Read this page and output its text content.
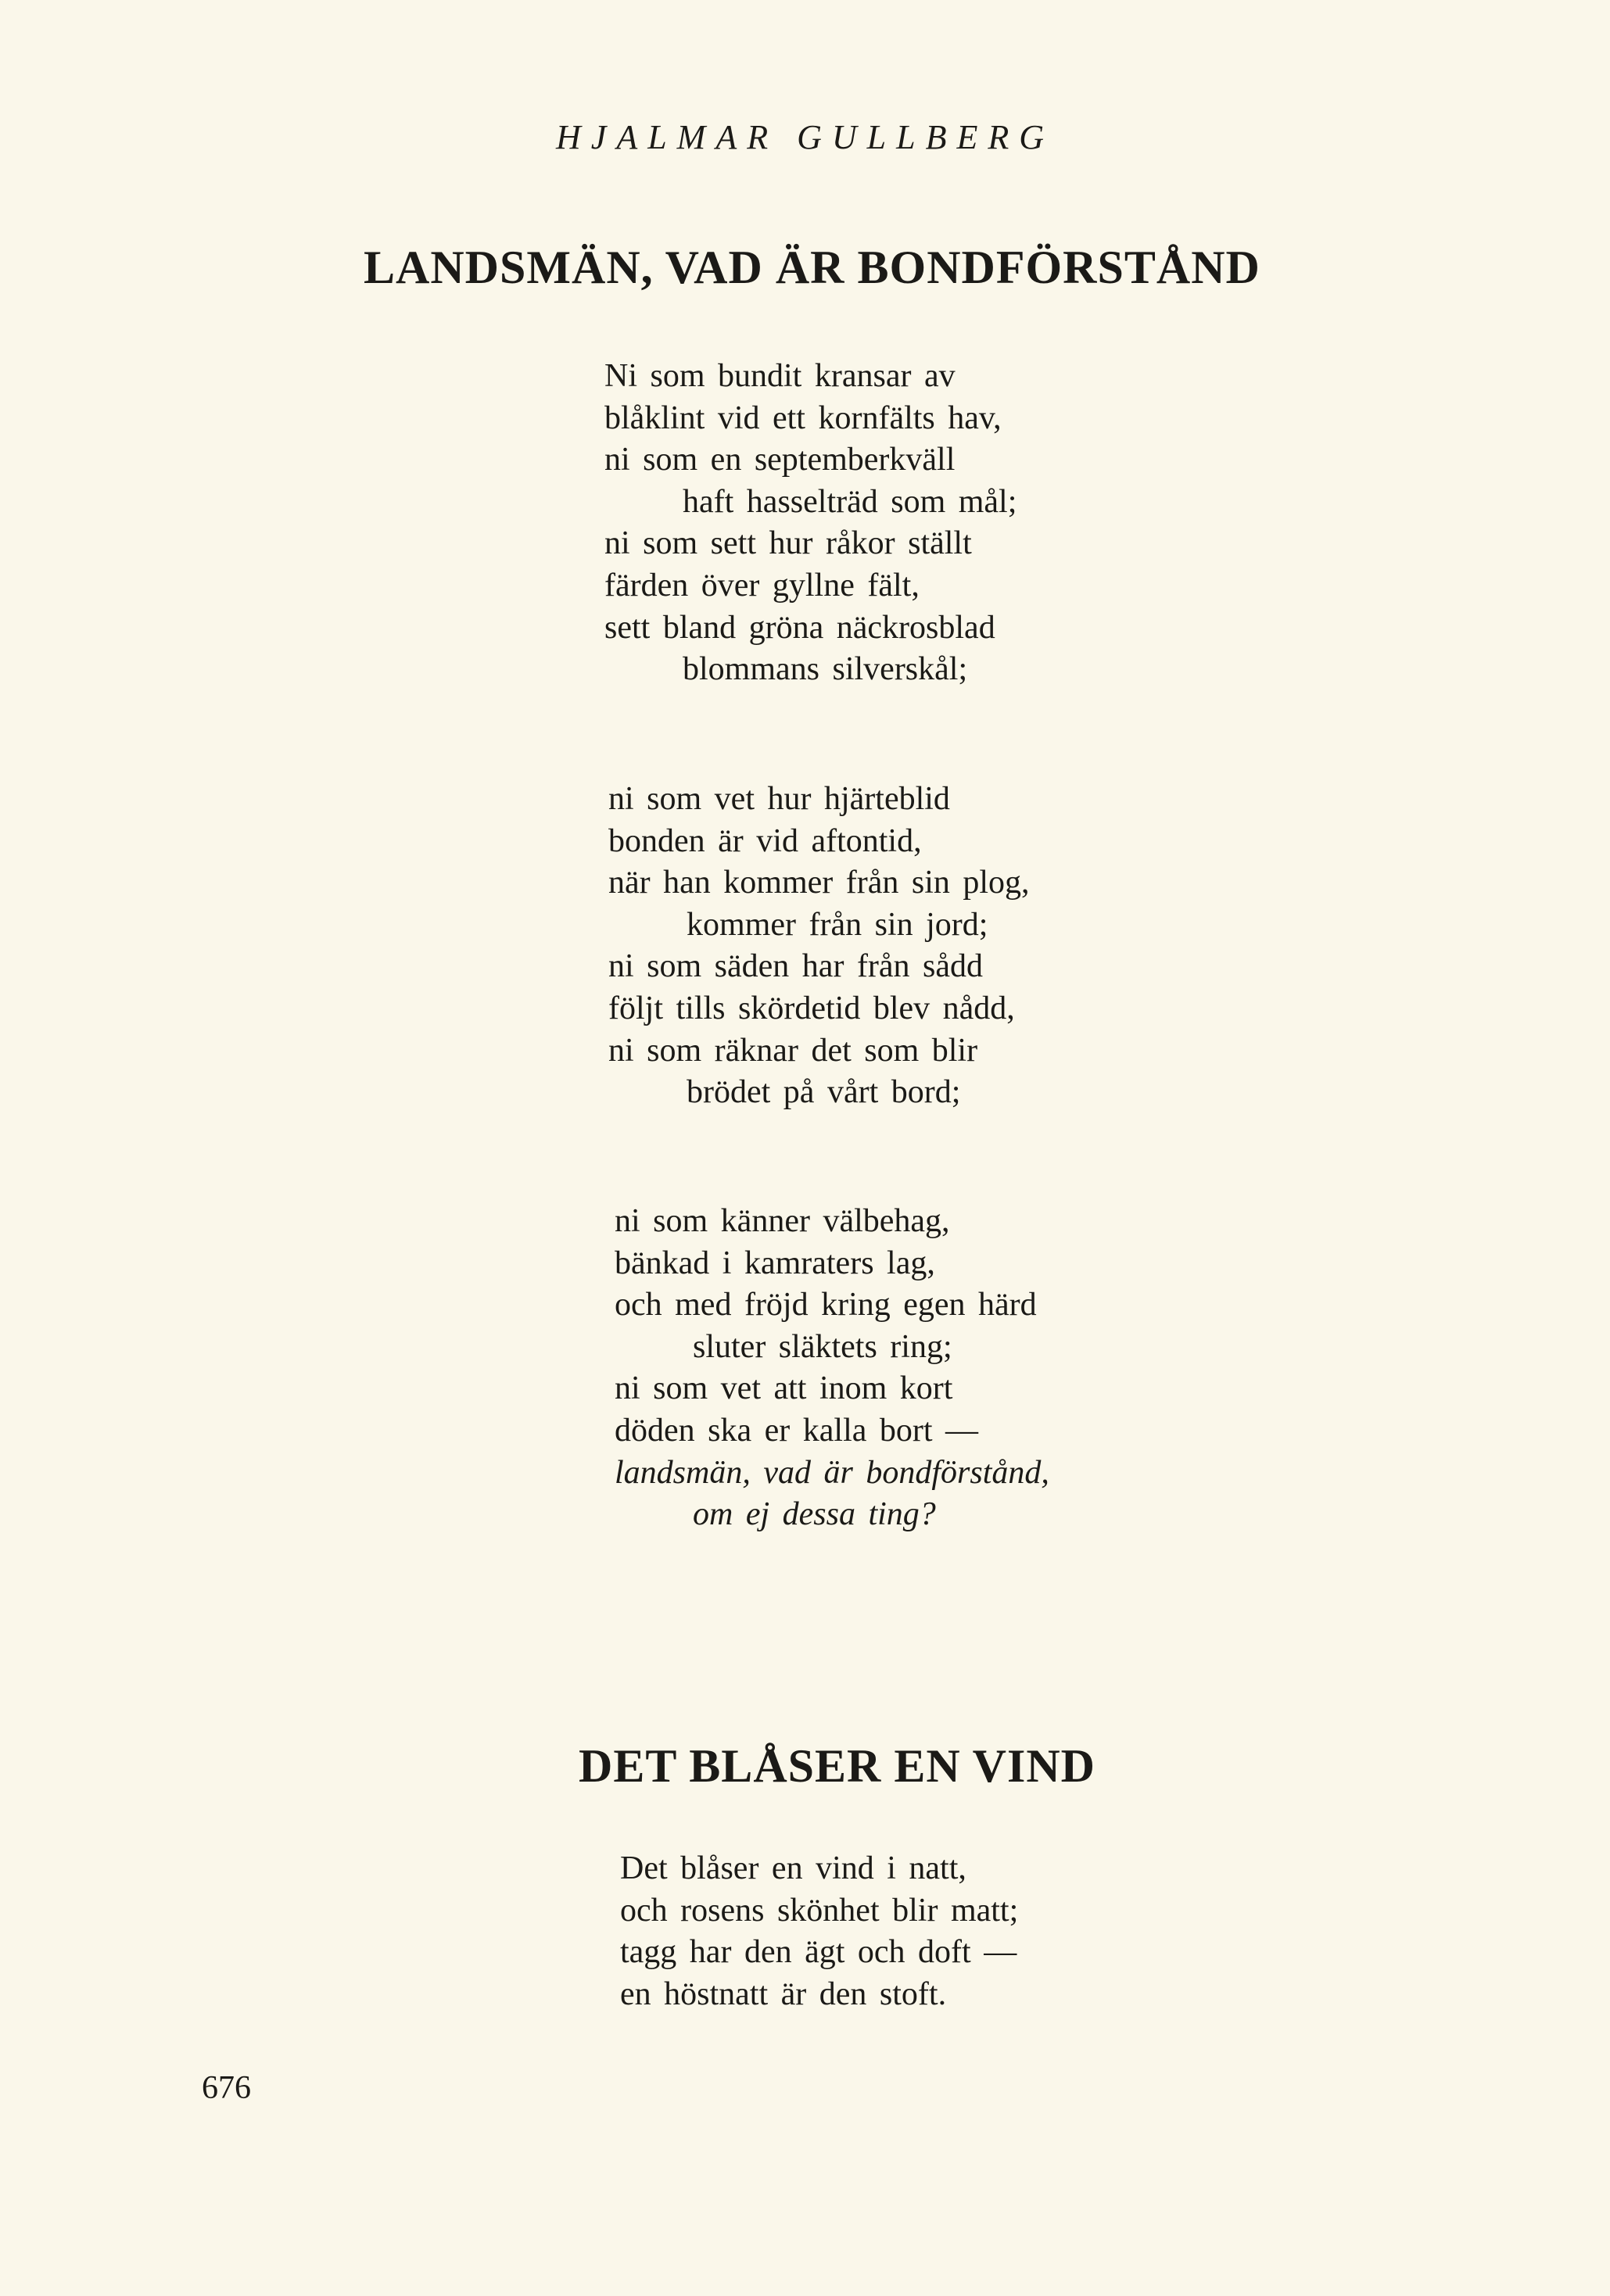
HJALMAR GULLBERG
LANDSMÄN, VAD ÄR BONDFÖRSTÅND
Ni som bundit kransar av
blåklint vid ett kornfälts hav,
ni som en septemberkväll
haft hasselträd som mål;
ni som sett hur råkor ställt
färden över gyllne fält,
sett bland gröna näckrosblad
blommans silverskål;
ni som vet hur hjärteblid
bonden är vid aftontid,
när han kommer från sin plog,
kommer från sin jord;
ni som säden har från sådd
följt tills skördetid blev nådd,
ni som räknar det som blir
brödet på vårt bord;
ni som känner välbehag,
bänkad i kamraters lag,
och med fröjd kring egen härd
sluter släktets ring;
ni som vet att inom kort
döden ska er kalla bort —
landsmän, vad är bondförstånd,
om ej dessa ting?
DET BLÅSER EN VIND
Det blåser en vind i natt,
och rosens skönhet blir matt;
tagg har den ägt och doft —
en höstnatt är den stoft.
676
